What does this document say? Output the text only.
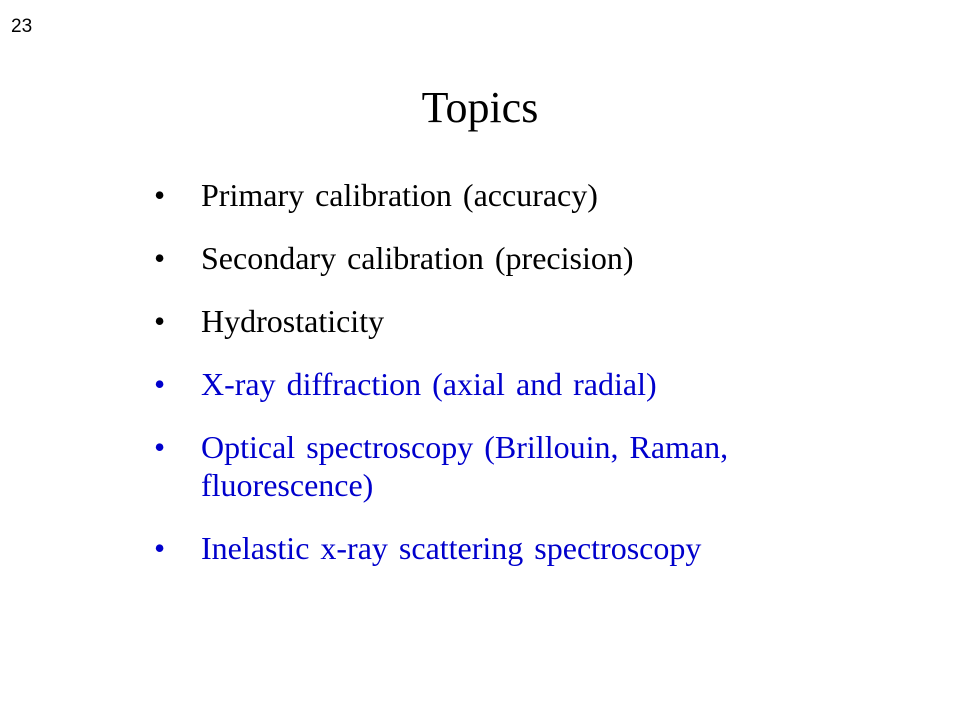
23
Topics
• Primary calibration (accuracy)
• Secondary calibration (precision)
• Hydrostaticity
• X-ray diffraction (axial and radial)
• Optical spectroscopy (Brillouin, Raman, fluorescence)
• Inelastic x-ray scattering spectroscopy
